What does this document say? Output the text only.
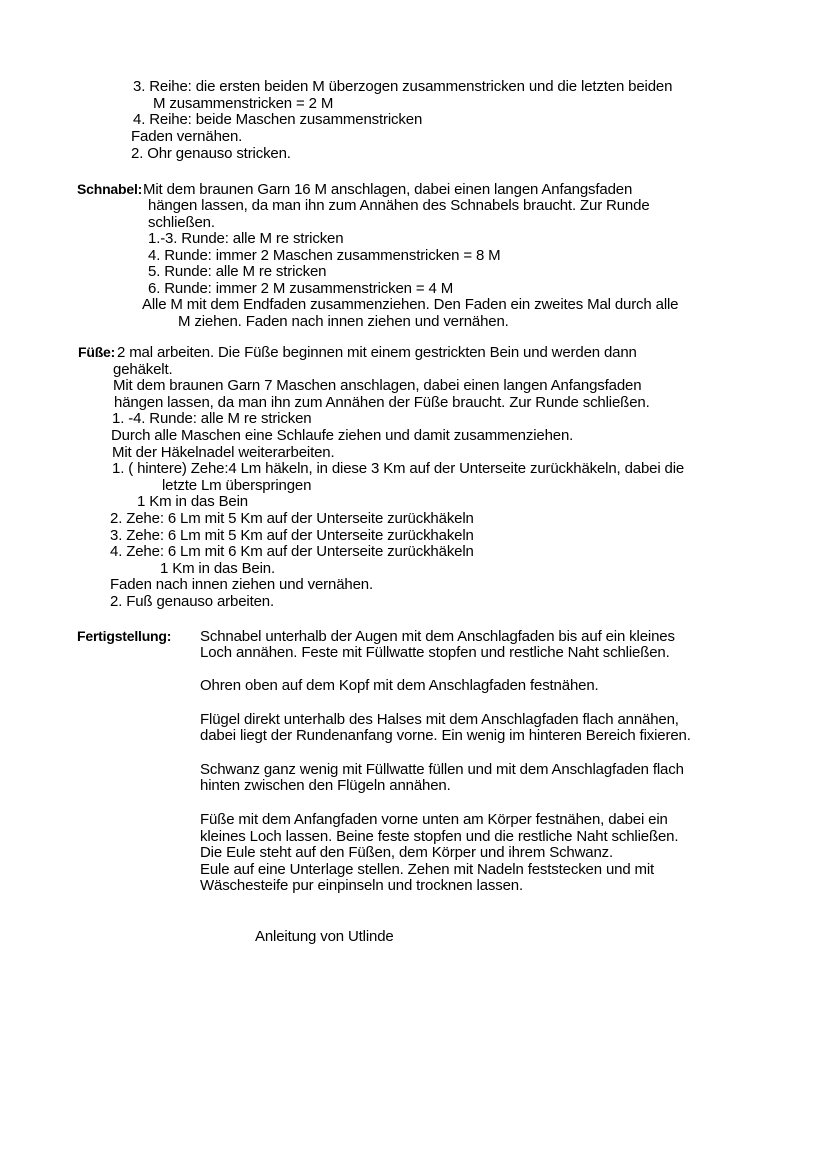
Anleitung von Utlinde
3. Reihe: die ersten beiden M überzogen zusammenstricken und die letzten beiden
M zusammenstricken = 2 M
4. Reihe: beide Maschen zusammenstricken
Faden vernähen.
2. Ohr genauso stricken.
Schnabel: Mit dem braunen Garn 16 M anschlagen, dabei einen langen Anfangsfaden
hängen lassen, da man ihn zum Annähen des Schnabels braucht. Zur Runde
schließen.
1.-3. Runde: alle M re stricken
4. Runde: immer 2 Maschen zusammenstricken = 8 M
5. Runde: alle M re stricken
6. Runde: immer 2 M zusammenstricken = 4 M
Alle M mit dem Endfaden zusammenziehen. Den Faden ein zweites Mal durch alle
M ziehen. Faden nach innen ziehen und vernähen.
Füße: 2 mal arbeiten. Die Füße beginnen mit einem gestrickten Bein und werden dann
gehäkelt.
Mit dem braunen Garn 7 Maschen anschlagen, dabei einen langen Anfangsfaden
hängen lassen, da man ihn zum Annähen der Füße braucht. Zur Runde schließen.
1. -4. Runde: alle M re stricken
Durch alle Maschen eine Schlaufe ziehen und damit zusammenziehen.
Mit der Häkelnadel weiterarbeiten.
1. ( hintere) Zehe:4 Lm häkeln, in diese 3 Km auf der Unterseite zurückhäkeln, dabei die
letzte Lm überspringen
1 Km in das Bein
2. Zehe: 6 Lm mit 5 Km auf der Unterseite zurückhäkeln
3. Zehe: 6 Lm mit 5 Km auf der Unterseite zurückhakeln
4. Zehe: 6 Lm mit 6 Km auf der Unterseite zurückhäkeln
1 Km in das Bein.
Faden nach innen ziehen und vernähen.
2. Fuß genauso arbeiten.
Fertigstellung: Schnabel unterhalb der Augen mit dem Anschlagfaden bis auf ein kleines
Loch annähen. Feste mit Füllwatte stopfen und restliche Naht schließen.
Ohren oben auf dem Kopf mit dem Anschlagfaden festnähen.
Flügel direkt unterhalb des Halses mit dem Anschlagfaden flach annähen,
dabei liegt der Rundenanfang vorne. Ein wenig im hinteren Bereich fixieren.
Schwanz ganz wenig mit Füllwatte füllen und mit dem Anschlagfaden flach
hinten zwischen den Flügeln annähen.
Füße mit dem Anfangfaden vorne unten am Körper festnähen, dabei ein
kleines Loch lassen. Beine feste stopfen und die restliche Naht schließen.
Die Eule steht auf den Füßen, dem Körper und ihrem Schwanz.
Eule auf eine Unterlage stellen. Zehen mit Nadeln feststecken und mit
Wäschesteife pur einpinseln und trocknen lassen.
